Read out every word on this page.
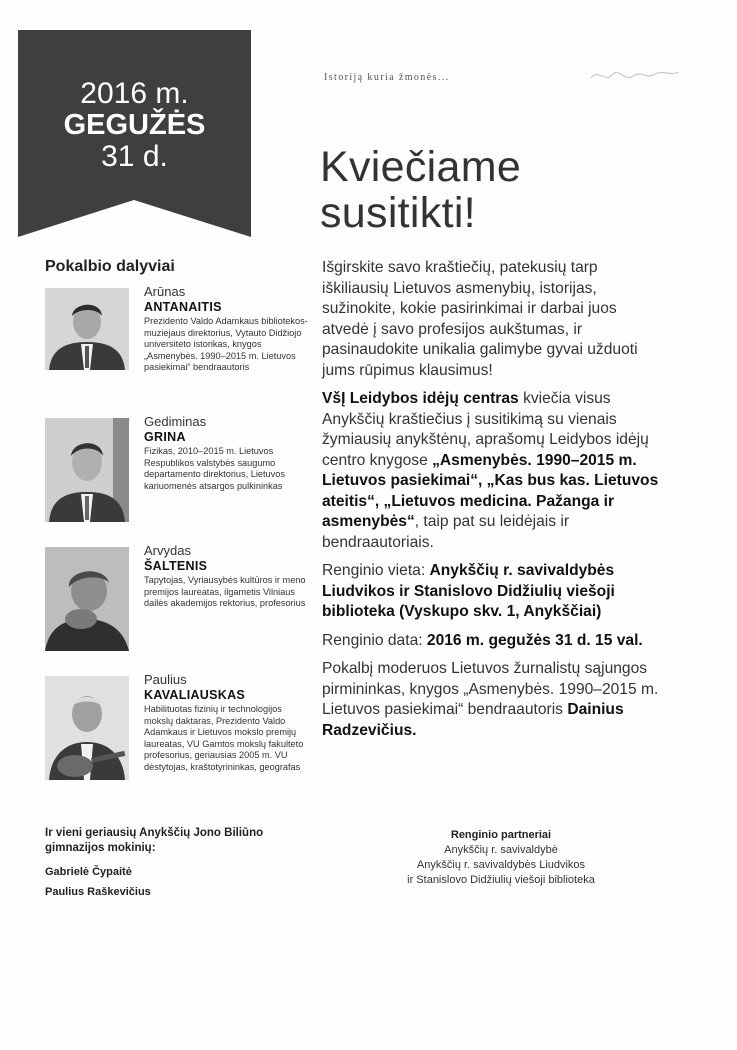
2016 m.
GEGUŽĖS
31 d.
Istoriją kuria žmonės...
Kviečiame
susitikti!
Pokalbio dalyviai
Arūnas
ANTANAITIS
Prezidento Valdo Adamkaus bibliotekos-muziejaus direktorius, Vytauto Didžiojo universiteto istorikas, knygos „Asmenybės. 1990–2015 m. Lietuvos pasiekimai“ bendraautoris
Gediminas
GRINA
Fizikas, 2010–2015 m. Lietuvos Respublikos valstybės saugumo departamento direktorius, Lietuvos kariuomenės atsargos pulkininkas
Arvydas
ŠALTENIS
Tapytojas, Vyriausybės kultūros ir meno premijos laureatas, ilgametis Vilniaus dailės akademijos rektorius, profesorius
Paulius
KAVALIAUSKAS
Habilituotas fizinių ir technologijos mokslų daktaras, Prezidento Valdo Adamkaus ir Lietuvos mokslo premijų laureatas, VU Gamtos mokslų fakulteto profesorius, geriausias 2005 m. VU dėstytojas, kraštotyrininkas, geografas
Ir vieni geriausių Anykščių Jono Biliūno gimnazijos mokinių:
Gabrielė Čypaitė
Paulius Raškevičius

Išgirskite savo kraštiečių, patekusių tarp iškiliausių Lietuvos asmenybių, istorijas, sužinokite, kokie pasirinkimai ir darbai juos atvedė į savo profesijos aukštumas, ir pasinaudokite unikalia galimybe gyvai užduoti jums rūpimus klausimus!

VšĮ Leidybos idėjų centras kviečia visus Anykščių kraštiečius į susitikimą su vienais žymiausių anykštėnų, aprašomų Leidybos idėjų centro knygose „Asmenybės. 1990–2015 m. Lietuvos pasiekimai“, „Kas bus kas. Lietuvos ateitis“, „Lietuvos medicina. Pažanga ir asmenybės“, taip pat su leidėjais ir bendraautoriais.

Renginio vieta: Anykščių r. savivaldybės Liudvikos ir Stanislovo Didžiulių viešoji biblioteka (Vyskupo skv. 1, Anykščiai)

Renginio data: 2016 m. gegužės 31 d. 15 val.

Pokalbį moderuos Lietuvos žurnalistų sąjungos pirmininkas, knygos „Asmenybės. 1990–2015 m. Lietuvos pasiekimai“ bendraautoris Dainius Radzevičius.

Renginio partneriai
Anykščių r. savivaldybė
Anykščių r. savivaldybės Liudvikos
ir Stanislovo Didžiulių viešoji biblioteka
